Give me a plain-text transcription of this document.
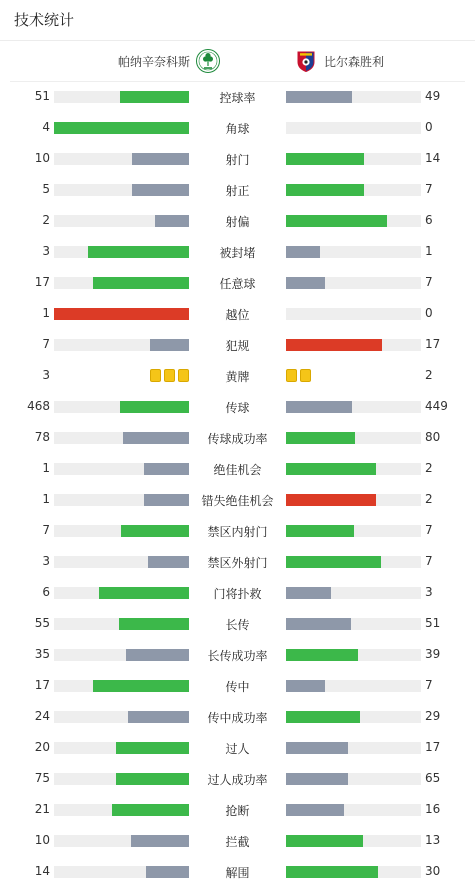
技术统计
帕纳辛奈科斯	比尔森胜利
51	控球率	49
4	角球	0
10	射门	14
5	射正	7
2	射偏	6
3	被封堵	1
17	任意球	7
1	越位	0
7	犯规	17
3	黄牌	2
468	传球	449
78	传球成功率	80
1	绝佳机会	2
1	错失绝佳机会	2
7	禁区内射门	7
3	禁区外射门	7
6	门将扑救	3
55	长传	51
35	长传成功率	39
17	传中	7
24	传中成功率	29
20	过人	17
75	过人成功率	65
21	抢断	16
10	拦截	13
14	解围	30
